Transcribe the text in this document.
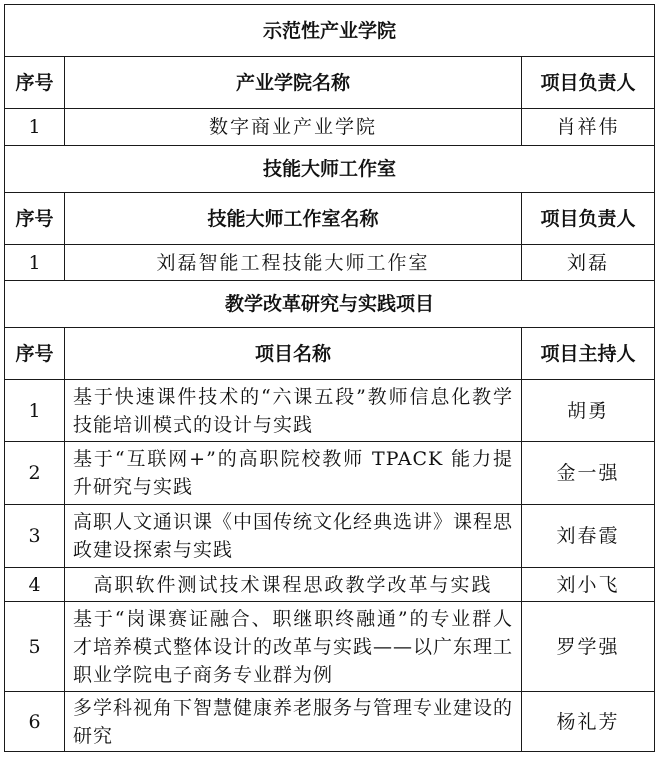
示范性产业学院		
序号	产业学院名称	项目负责人
1	数字商业产业学院	肖祥伟
技能大师工作室		
序号	技能大师工作室名称	项目负责人
1	刘磊智能工程技能大师工作室	刘磊
教学改革研究与实践项目		
序号	项目名称	项目主持人
1	基于快速课件技术的“六课五段”教师信息化教学技能培训模式的设计与实践	胡勇
2	基于“互联网+”的高职院校教师 TPACK 能力提升研究与实践	金一强
3	高职人文通识课《中国传统文化经典选讲》课程思政建设探索与实践	刘春霞
4	高职软件测试技术课程思政教学改革与实践	刘小飞
5	基于“岗课赛证融合、职继职终融通”的专业群人才培养模式整体设计的改革与实践——以广东理工职业学院电子商务专业群为例	罗学强
6	多学科视角下智慧健康养老服务与管理专业建设的研究	杨礼芳
